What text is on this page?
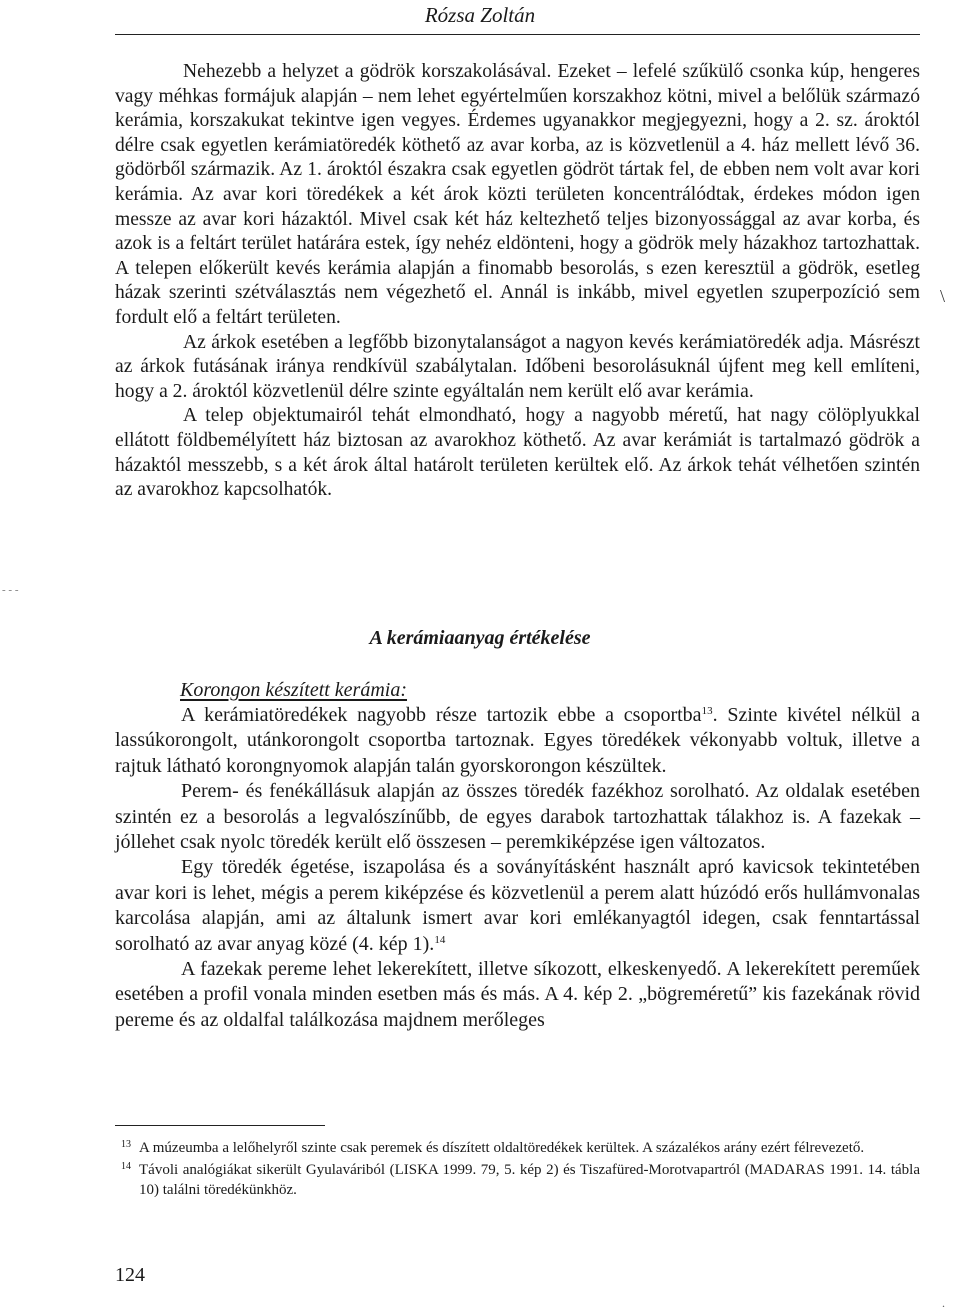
Rózsa Zoltán

Nehezebb a helyzet a gödrök korszakolásával. Ezeket – lefelé szűkülő csonka kúp, hengeres vagy méhkas formájuk alapján – nem lehet egyértelműen korszakhoz kötni, mivel a belőlük származó kerámia, korszakukat tekintve igen vegyes. Érdemes ugyanakkor megjegyezni, hogy a 2. sz. ároktól délre csak egyetlen kerámiatöredék köthető az avar korba, az is közvetlenül a 4. ház mellett lévő 36. gödörből származik. Az 1. ároktól északra csak egyetlen gödröt tártak fel, de ebben nem volt avar kori kerámia. Az avar kori töredékek a két árok közti területen koncentrálódtak, érdekes módon igen messze az avar kori házaktól. Mivel csak két ház keltezhető teljes bizonyossággal az avar korba, és azok is a feltárt terület határára estek, így nehéz eldönteni, hogy a gödrök mely házakhoz tartozhattak. A telepen előkerült kevés kerámia alapján a finomabb besorolás, s ezen keresztül a gödrök, esetleg házak szerinti szétválasztás nem végezhető el. Annál is inkább, mivel egyetlen szuperpozíció sem fordult elő a feltárt területen.

Az árkok esetében a legfőbb bizonytalanságot a nagyon kevés kerámiatöredék adja. Másrészt az árkok futásának iránya rendkívül szabálytalan. Időbeni besorolásuknál újfent meg kell említeni, hogy a 2. ároktól közvetlenül délre szinte egyáltalán nem került elő avar kerámia.

A telep objektumairól tehát elmondható, hogy a nagyobb méretű, hat nagy cölöplyukkal ellátott földbemélyített ház biztosan az avarokhoz köthető. Az avar kerámiát is tartalmazó gödrök a házaktól messzebb, s a két árok által határolt területen kerültek elő. Az árkok tehát vélhetően szintén az avarokhoz kapcsolhatók.

A kerámiaanyag értékelése
Korongon készített kerámia:

A kerámiatöredékek nagyobb része tartozik ebbe a csoportba$^{13}$. Szinte kivétel nélkül a lassúkorongolt, utánkorongolt csoportba tartoznak. Egyes töredékek vékonyabb voltuk, illetve a rajtuk látható korongnyomok alapján talán gyorskorongon készültek.

Perem- és fenékállásuk alapján az összes töredék fazékhoz sorolható. Az oldalak esetében szintén ez a besorolás a legvalószínűbb, de egyes darabok tartozhattak tálakhoz is. A fazekak – jóllehet csak nyolc töredék került elő összesen – peremkiképzése igen változatos.

Egy töredék égetése, iszapolása és a soványításként használt apró kavicsok tekintetében avar kori is lehet, mégis a perem kiképzése és közvetlenül a perem alatt húzódó erős hullámvonalas karcolása alapján, ami az általunk ismert avar kori emlékanyagtól idegen, csak fenntartással sorolható az avar anyag közé (4. kép 1).$^{14}$

A fazekak pereme lehet lekerekített, illetve síkozott, elkeskenyedő. A lekerekített pereműek esetében a profil vonala minden esetben más és más. A 4. kép 2. „bögreméretű” kis fazekának rövid pereme és az oldalfal találkozása majdnem merőleges

13 A múzeumba a lelőhelyről szinte csak peremek és díszített oldaltöredékek kerültek. A százalékos arány ezért félrevezető.
14 Távoli analógiákat sikerült Gyulaváriból (LISKA 1999. 79, 5. kép 2) és Tiszafüred-Morotvapartról (MADARAS 1991. 14. tábla 10) találni töredékünkhöz.
124
\
- - -
.
